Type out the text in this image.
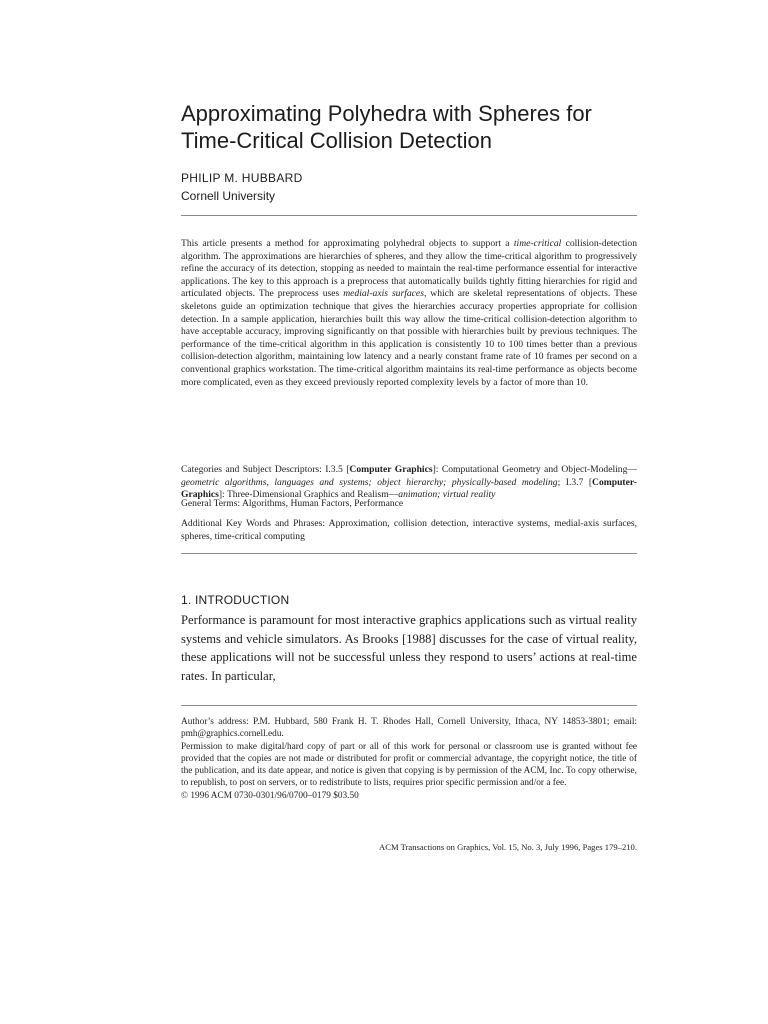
Approximating Polyhedra with Spheres for
Time-Critical Collision Detection
PHILIP M. HUBBARD
Cornell University

This article presents a method for approximating polyhedral objects to support a time-critical collision-detection algorithm. The approximations are hierarchies of spheres, and they allow the time-critical algorithm to progressively refine the accuracy of its detection, stopping as needed to maintain the real-time performance essential for interactive applications. The key to this approach is a preprocess that automatically builds tightly fitting hierarchies for rigid and articulated objects. The preprocess uses medial-axis surfaces, which are skeletal representations of objects. These skeletons guide an optimization technique that gives the hierarchies accuracy properties appropriate for collision detection. In a sample application, hierarchies built this way allow the time-critical collision-detection algorithm to have acceptable accuracy, improving significantly on that possible with hierarchies built by previous techniques. The performance of the time-critical algorithm in this application is consistently 10 to 100 times better than a previous collision-detection algorithm, maintaining low latency and a nearly constant frame rate of 10 frames per second on a conventional graphics workstation. The time-critical algorithm maintains its real-time performance as objects become more complicated, even as they exceed previously reported complexity levels by a factor of more than 10.

Categories and Subject Descriptors: I.3.5 [Computer Graphics]: Computational Geometry and Object-Modeling—geometric algorithms, languages and systems; object hierarchy; physically-based modeling; I.3.7 [Computer-Graphics]: Three-Dimensional Graphics and Realism—animation; virtual reality

General Terms: Algorithms, Human Factors, Performance

Additional Key Words and Phrases: Approximation, collision detection, interactive systems, medial-axis surfaces, spheres, time-critical computing

1. INTRODUCTION

Performance is paramount for most interactive graphics applications such as virtual reality systems and vehicle simulators. As Brooks [1988] discusses for the case of virtual reality, these applications will not be successful unless they respond to users’ actions at real-time rates. In particular,

Author’s address: P.M. Hubbard, 580 Frank H. T. Rhodes Hall, Cornell University, Ithaca, NY 14853-3801; email: pmh@graphics.cornell.edu.
Permission to make digital/hard copy of part or all of this work for personal or classroom use is granted without fee provided that the copies are not made or distributed for profit or commercial advantage, the copyright notice, the title of the publication, and its date appear, and notice is given that copying is by permission of the ACM, Inc. To copy otherwise, to republish, to post on servers, or to redistribute to lists, requires prior specific permission and/or a fee.
© 1996 ACM 0730-0301/96/0700–0179 $03.50

ACM Transactions on Graphics, Vol. 15, No. 3, July 1996, Pages 179–210.
